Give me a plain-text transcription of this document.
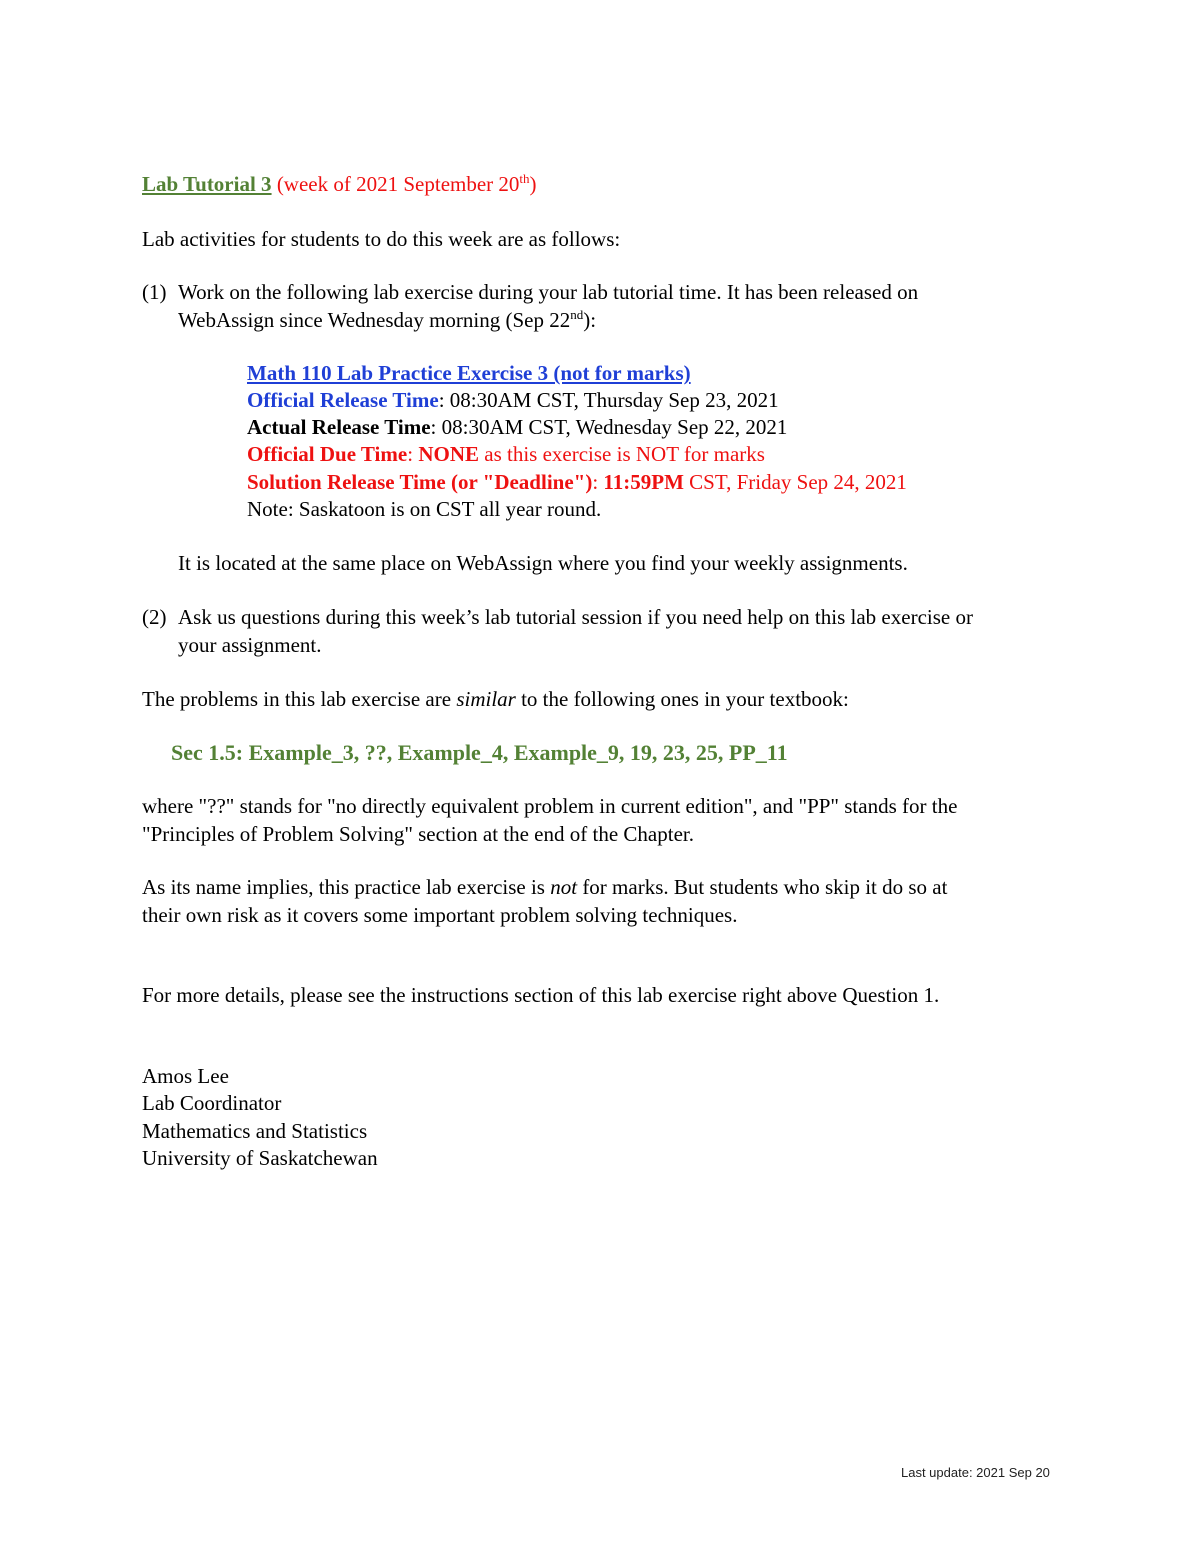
Lab Tutorial 3 (week of 2021 September 20th)
Lab activities for students to do this week are as follows:
(1) Work on the following lab exercise during your lab tutorial time. It has been released on
WebAssign since Wednesday morning (Sep 22nd):
Math 110 Lab Practice Exercise 3 (not for marks)
Official Release Time: 08:30AM CST, Thursday Sep 23, 2021
Actual Release Time: 08:30AM CST, Wednesday Sep 22, 2021
Official Due Time: NONE as this exercise is NOT for marks
Solution Release Time (or "Deadline"): 11:59PM CST, Friday Sep 24, 2021
Note: Saskatoon is on CST all year round.
It is located at the same place on WebAssign where you find your weekly assignments.
(2) Ask us questions during this week’s lab tutorial session if you need help on this lab exercise or
your assignment.
The problems in this lab exercise are similar to the following ones in your textbook:
Sec 1.5: Example_3, ??, Example_4, Example_9, 19, 23, 25, PP_11
where "??" stands for "no directly equivalent problem in current edition", and "PP" stands for the
"Principles of Problem Solving" section at the end of the Chapter.
As its name implies, this practice lab exercise is not for marks. But students who skip it do so at
their own risk as it covers some important problem solving techniques.
For more details, please see the instructions section of this lab exercise right above Question 1.
Amos Lee
Lab Coordinator
Mathematics and Statistics
University of Saskatchewan
Last update: 2021 Sep 20
